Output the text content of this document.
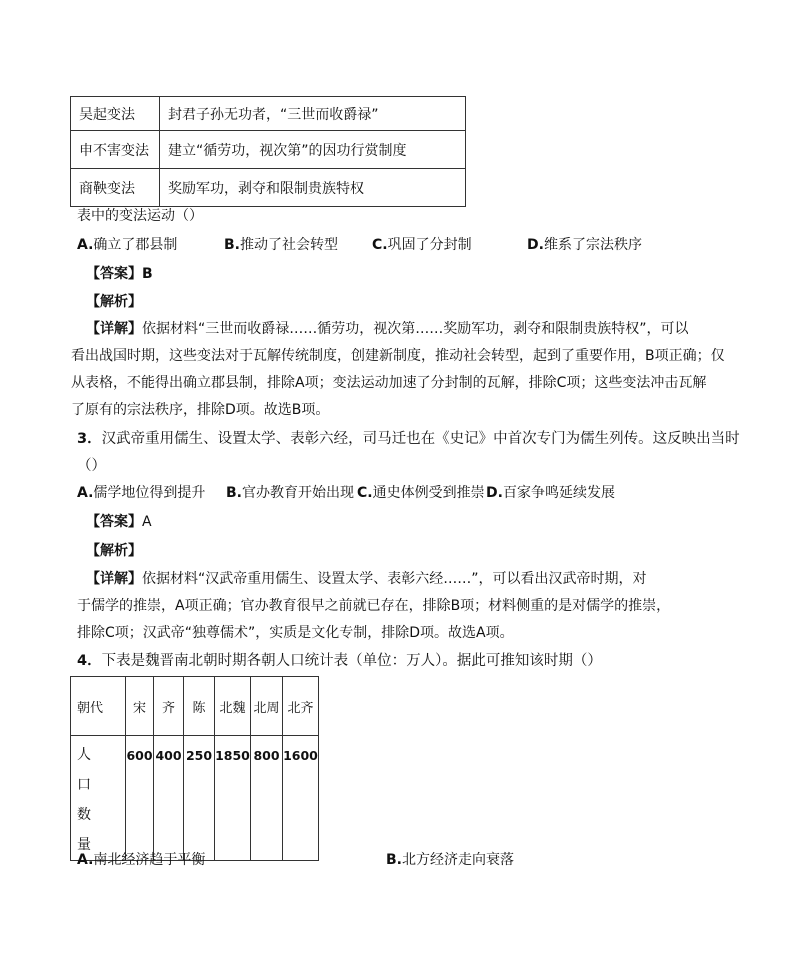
吴起变法	封君子孙无功者，“三世而收爵禄”
申不害变法	建立“循劳功，视次第”的因功行赏制度
商鞅变法	奖励军功，剥夺和限制贵族特权
表中的变法运动（）
A.确立了郡县制	B.推动了社会转型 C.巩固了分封制	D.维系了宗法秩序
【答案】B
【解析】
【详解】依据材料“三世而收爵禄……循劳功，视次第……奖励军功，剥夺和限制贵族特权”，可以
看出战国时期，这些变法对于瓦解传统制度，创建新制度，推动社会转型，起到了重要作用，B项正确；仅
从表格，不能得出确立郡县制，排除A项；变法运动加速了分封制的瓦解，排除C项；这些变法冲击瓦解
了原有的宗法秩序，排除D项。故选B项。
3．汉武帝重用儒生、设置太学、表彰六经，司马迁也在《史记》中首次专门为儒生列传。这反映出当时
（）
A.儒学地位得到提升 B.官办教育开始出现 C.通史体例受到推崇 D.百家争鸣延续发展
【答案】A
【解析】
【详解】依据材料“汉武帝重用儒生、设置太学、表彰六经……”，可以看出汉武帝时期，对
于儒学的推崇，A项正确；官办教育很早之前就已存在，排除B项；材料侧重的是对儒学的推崇，
排除C项；汉武帝“独尊儒术”，实质是文化专制，排除D项。故选A项。
4．下表是魏晋南北朝时期各朝人口统计表（单位：万人）。据此可推知该时期（）
朝代	宋	齐	陈	北魏	北周	北齐

人
口
数
量	600	400	250	1850	800	1600
A.南北经济趋于平衡	B.北方经济走向衰落
